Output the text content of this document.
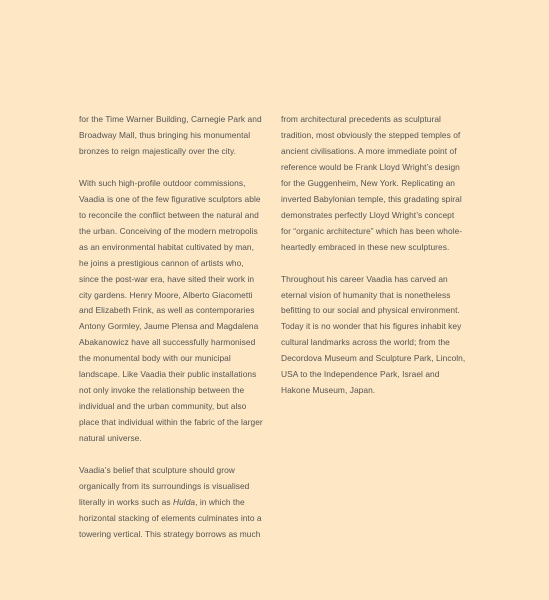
for the Time Warner Building, Carnegie Park and
Broadway Mall, thus bringing his monumental
bronzes to reign majestically over the city.

With such high-profile outdoor commissions,
Vaadia is one of the few figurative sculptors able
to reconcile the conflict between the natural and
the urban. Conceiving of the modern metropolis
as an environmental habitat cultivated by man,
he joins a prestigious cannon of artists who,
since the post-war era, have sited their work in
city gardens. Henry Moore, Alberto Giacometti
and Elizabeth Frink, as well as contemporaries
Antony Gormley, Jaume Plensa and Magdalena
Abakanowicz have all successfully harmonised
the monumental body with our municipal
landscape. Like Vaadia their public installations
not only invoke the relationship between the
individual and the urban community, but also
place that individual within the fabric of the larger
natural universe.

Vaadia’s belief that sculpture should grow
organically from its surroundings is visualised
literally in works such as Hulda, in which the
horizontal stacking of elements culminates into a
towering vertical. This strategy borrows as much

from architectural precedents as sculptural
tradition, most obviously the stepped temples of
ancient civilisations. A more immediate point of
reference would be Frank Lloyd Wright’s design
for the Guggenheim, New York. Replicating an
inverted Babylonian temple, this gradating spiral
demonstrates perfectly Lloyd Wright’s concept
for “organic architecture” which has been whole-
heartedly embraced in these new sculptures.

Throughout his career Vaadia has carved an
eternal vision of humanity that is nonetheless
befitting to our social and physical environment.
Today it is no wonder that his figures inhabit key
cultural landmarks across the world; from the
Decordova Museum and Sculpture Park, Lincoln,
USA to the Independence Park, Israel and
Hakone Museum, Japan.
